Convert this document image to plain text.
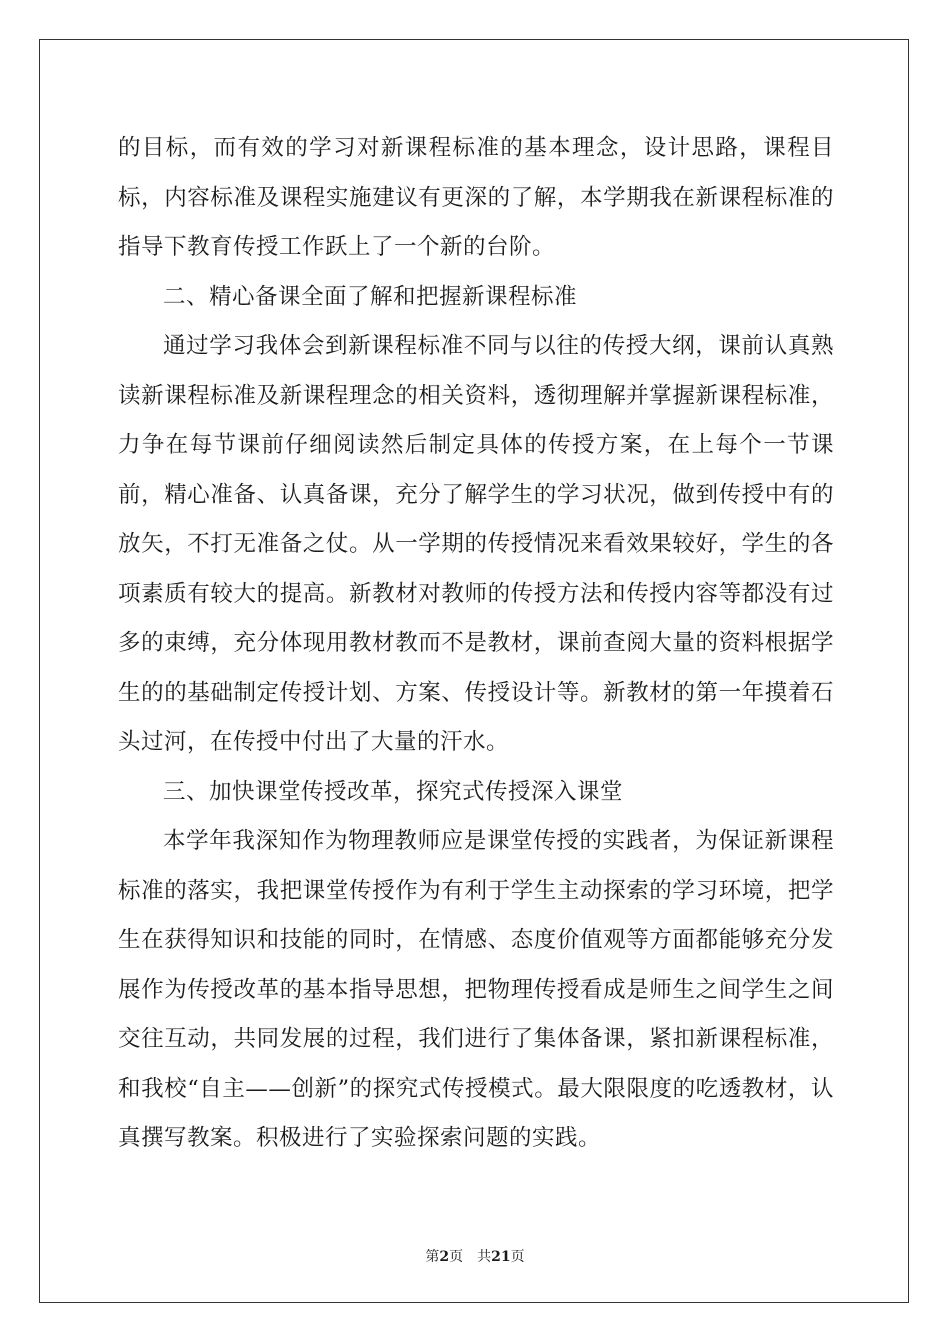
的目标，而有效的学习对新课程标准的基本理念，设计思路，课程目标，内容标准及课程实施建议有更深的了解，本学期我在新课程标准的指导下教育传授工作跃上了一个新的台阶。

二、精心备课全面了解和把握新课程标准

通过学习我体会到新课程标准不同与以往的传授大纲，课前认真熟读新课程标准及新课程理念的相关资料，透彻理解并掌握新课程标准，力争在每节课前仔细阅读然后制定具体的传授方案，在上每个一节课前，精心准备、认真备课，充分了解学生的学习状况，做到传授中有的放矢，不打无准备之仗。从一学期的传授情况来看效果较好，学生的各项素质有较大的提高。新教材对教师的传授方法和传授内容等都没有过多的束缚，充分体现用教材教而不是教材，课前查阅大量的资料根据学生的的基础制定传授计划、方案、传授设计等。新教材的第一年摸着石头过河，在传授中付出了大量的汗水。

三、加快课堂传授改革，探究式传授深入课堂

本学年我深知作为物理教师应是课堂传授的实践者，为保证新课程标准的落实，我把课堂传授作为有利于学生主动探索的学习环境，把学生在获得知识和技能的同时，在情感、态度价值观等方面都能够充分发展作为传授改革的基本指导思想，把物理传授看成是师生之间学生之间交往互动，共同发展的过程，我们进行了集体备课，紧扣新课程标准，和我校“自主——创新”的探究式传授模式。最大限限度的吃透教材，认真撰写教案。积极进行了实验探索问题的实践。

第2页 共21页
